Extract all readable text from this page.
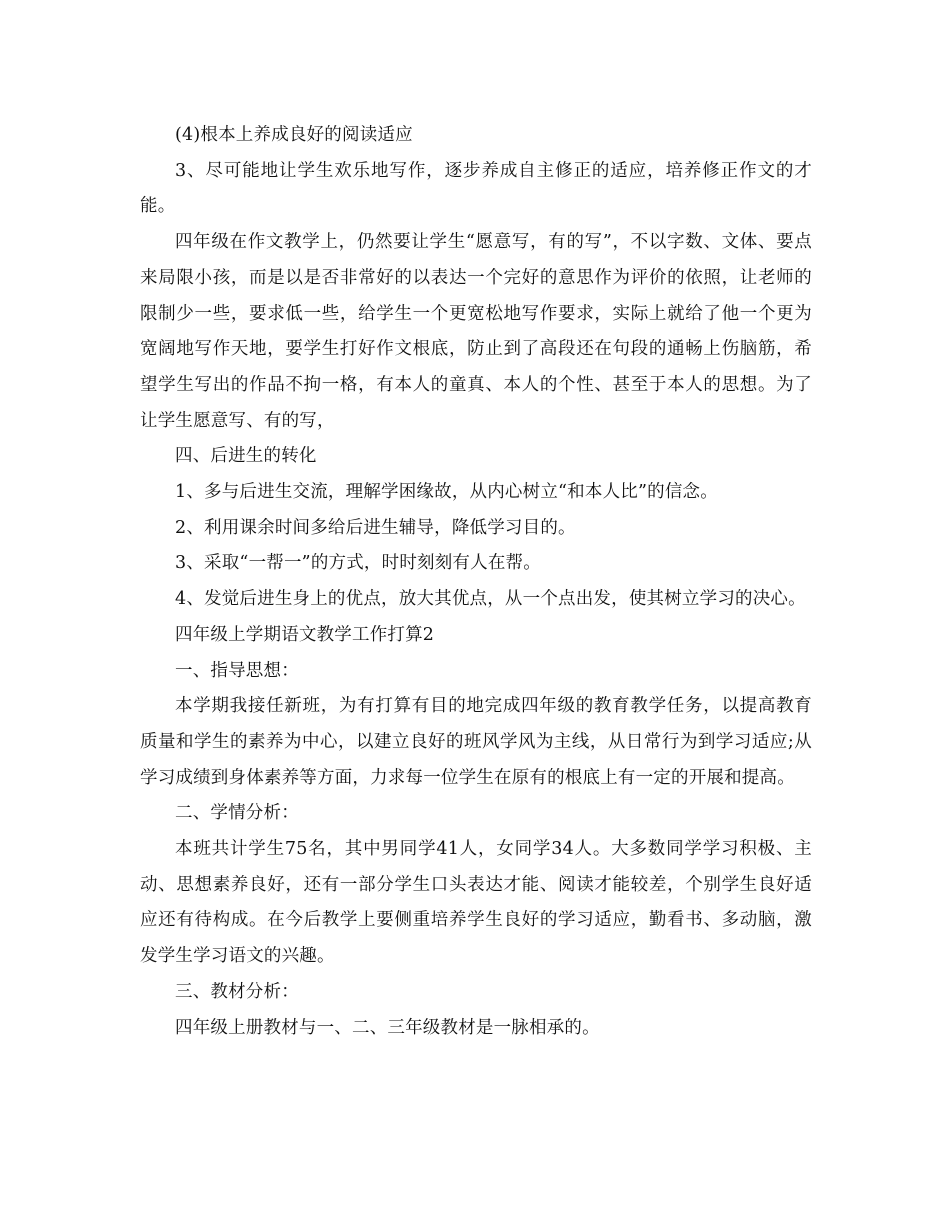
(4)根本上养成良好的阅读适应

3、尽可能地让学生欢乐地写作，逐步养成自主修正的适应，培养修正作文的才能。

四年级在作文教学上，仍然要让学生“愿意写，有的写”，不以字数、文体、要点来局限小孩，而是以是否非常好的以表达一个完好的意思作为评价的依照，让老师的限制少一些，要求低一些，给学生一个更宽松地写作要求，实际上就给了他一个更为宽阔地写作天地，要学生打好作文根底，防止到了高段还在句段的通畅上伤脑筋，希望学生写出的作品不拘一格，有本人的童真、本人的个性、甚至于本人的思想。为了让学生愿意写、有的写，

四、后进生的转化

1、多与后进生交流，理解学困缘故，从内心树立“和本人比”的信念。

2、利用课余时间多给后进生辅导，降低学习目的。

3、采取“一帮一”的方式，时时刻刻有人在帮。

4、发觉后进生身上的优点，放大其优点，从一个点出发，使其树立学习的决心。

四年级上学期语文教学工作打算2

一、指导思想：

本学期我接任新班，为有打算有目的地完成四年级的教育教学任务，以提高教育质量和学生的素养为中心，以建立良好的班风学风为主线，从日常行为到学习适应;从学习成绩到身体素养等方面，力求每一位学生在原有的根底上有一定的开展和提高。

二、学情分析：

本班共计学生75名，其中男同学41人，女同学34人。大多数同学学习积极、主动、思想素养良好，还有一部分学生口头表达才能、阅读才能较差，个别学生良好适应还有待构成。在今后教学上要侧重培养学生良好的学习适应，勤看书、多动脑，激发学生学习语文的兴趣。

三、教材分析：

四年级上册教材与一、二、三年级教材是一脉相承的。
